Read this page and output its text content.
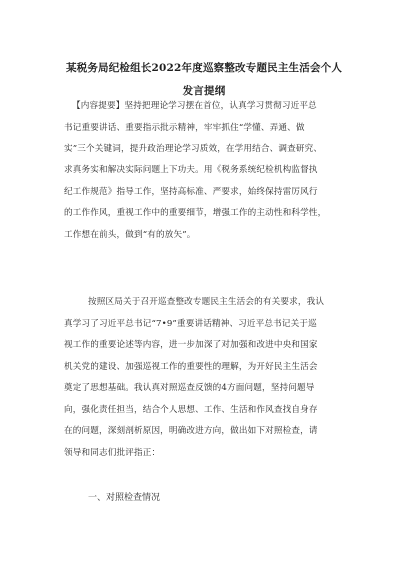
某税务局纪检组长2022年度巡察整改专题民主生活会个人
发言提纲
【内容提要】坚持把理论学习摆在首位，认真学习贯彻习近平总
书记重要讲话、重要指示批示精神，牢牢抓住“学懂、弄通、做
实”三个关键词，提升政治理论学习质效，在学用结合、调查研究、
求真务实和解决实际问题上下功夫。用《税务系统纪检机构监督执
纪工作规范》指导工作，坚持高标准、严要求，始终保持雷厉风行
的工作作风，重视工作中的重要细节，增强工作的主动性和科学性，
工作想在前头，做到“有的放矢”。
按照区局关于召开巡查整改专题民主生活会的有关要求，我认
真学习了习近平总书记“7•9”重要讲话精神、习近平总书记关于巡
视工作的重要论述等内容，进一步加深了对加强和改进中央和国家
机关党的建设、加强巡视工作的重要性的理解，为开好民主生活会
奠定了思想基础。我认真对照巡查反馈的4方面问题，坚持问题导
向，强化责任担当，结合个人思想、工作、生活和作风查找自身存
在的问题，深刻剖析原因，明确改进方向，做出如下对照检查，请
领导和同志们批评指正：
一、对照检查情况
